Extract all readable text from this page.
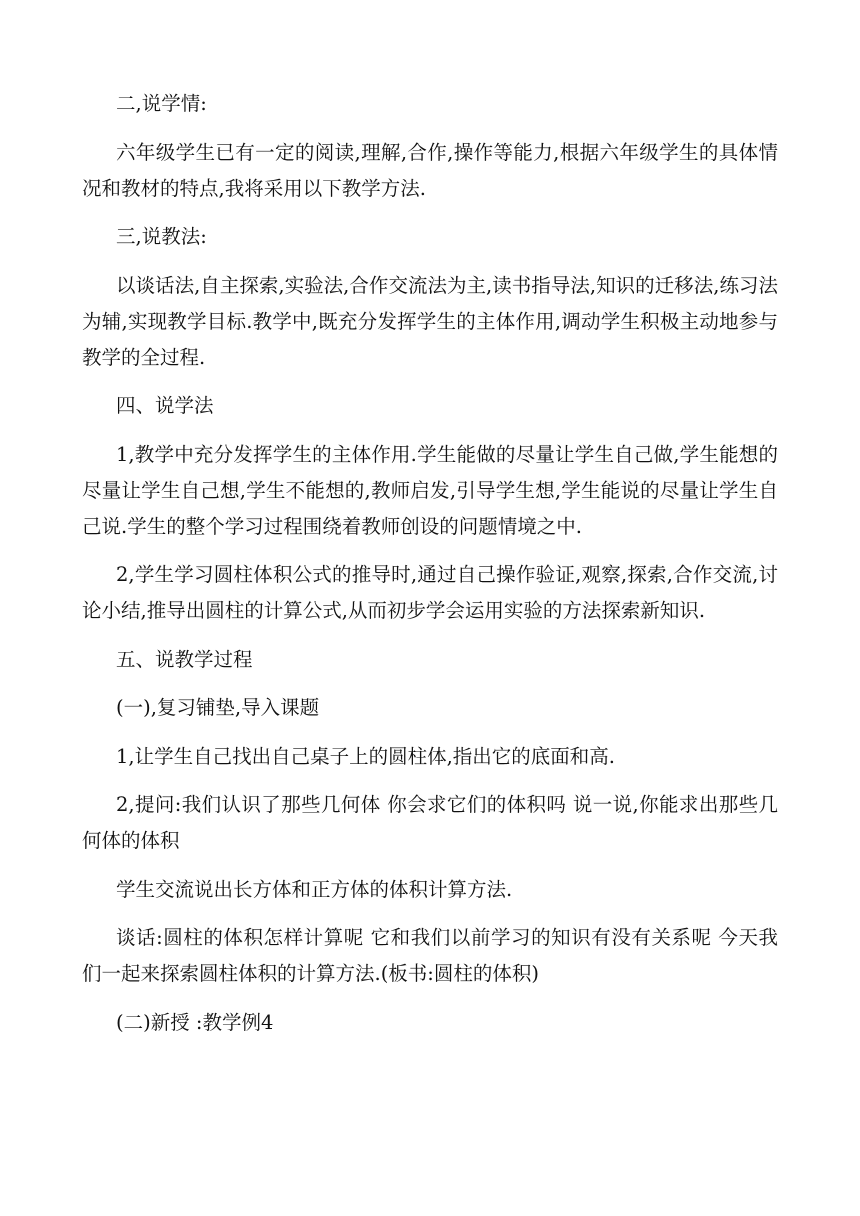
二,说学情:

六年级学生已有一定的阅读,理解,合作,操作等能力,根据六年级学生的具体情况和教材的特点,我将采用以下教学方法.

三,说教法:

以谈话法,自主探索,实验法,合作交流法为主,读书指导法,知识的迁移法,练习法为辅,实现教学目标.教学中,既充分发挥学生的主体作用,调动学生积极主动地参与教学的全过程.

四、说学法

1,教学中充分发挥学生的主体作用.学生能做的尽量让学生自己做,学生能想的尽量让学生自己想,学生不能想的,教师启发,引导学生想,学生能说的尽量让学生自己说.学生的整个学习过程围绕着教师创设的问题情境之中.

2,学生学习圆柱体积公式的推导时,通过自己操作验证,观察,探索,合作交流,讨论小结,推导出圆柱的计算公式,从而初步学会运用实验的方法探索新知识.

五、说教学过程

(一),复习铺垫,导入课题

1,让学生自己找出自己桌子上的圆柱体,指出它的底面和高.

2,提问:我们认识了那些几何体 你会求它们的体积吗 说一说,你能求出那些几何体的体积

学生交流说出长方体和正方体的体积计算方法.

谈话:圆柱的体积怎样计算呢 它和我们以前学习的知识有没有关系呢 今天我们一起来探索圆柱体积的计算方法.(板书:圆柱的体积)

(二)新授 :教学例4
